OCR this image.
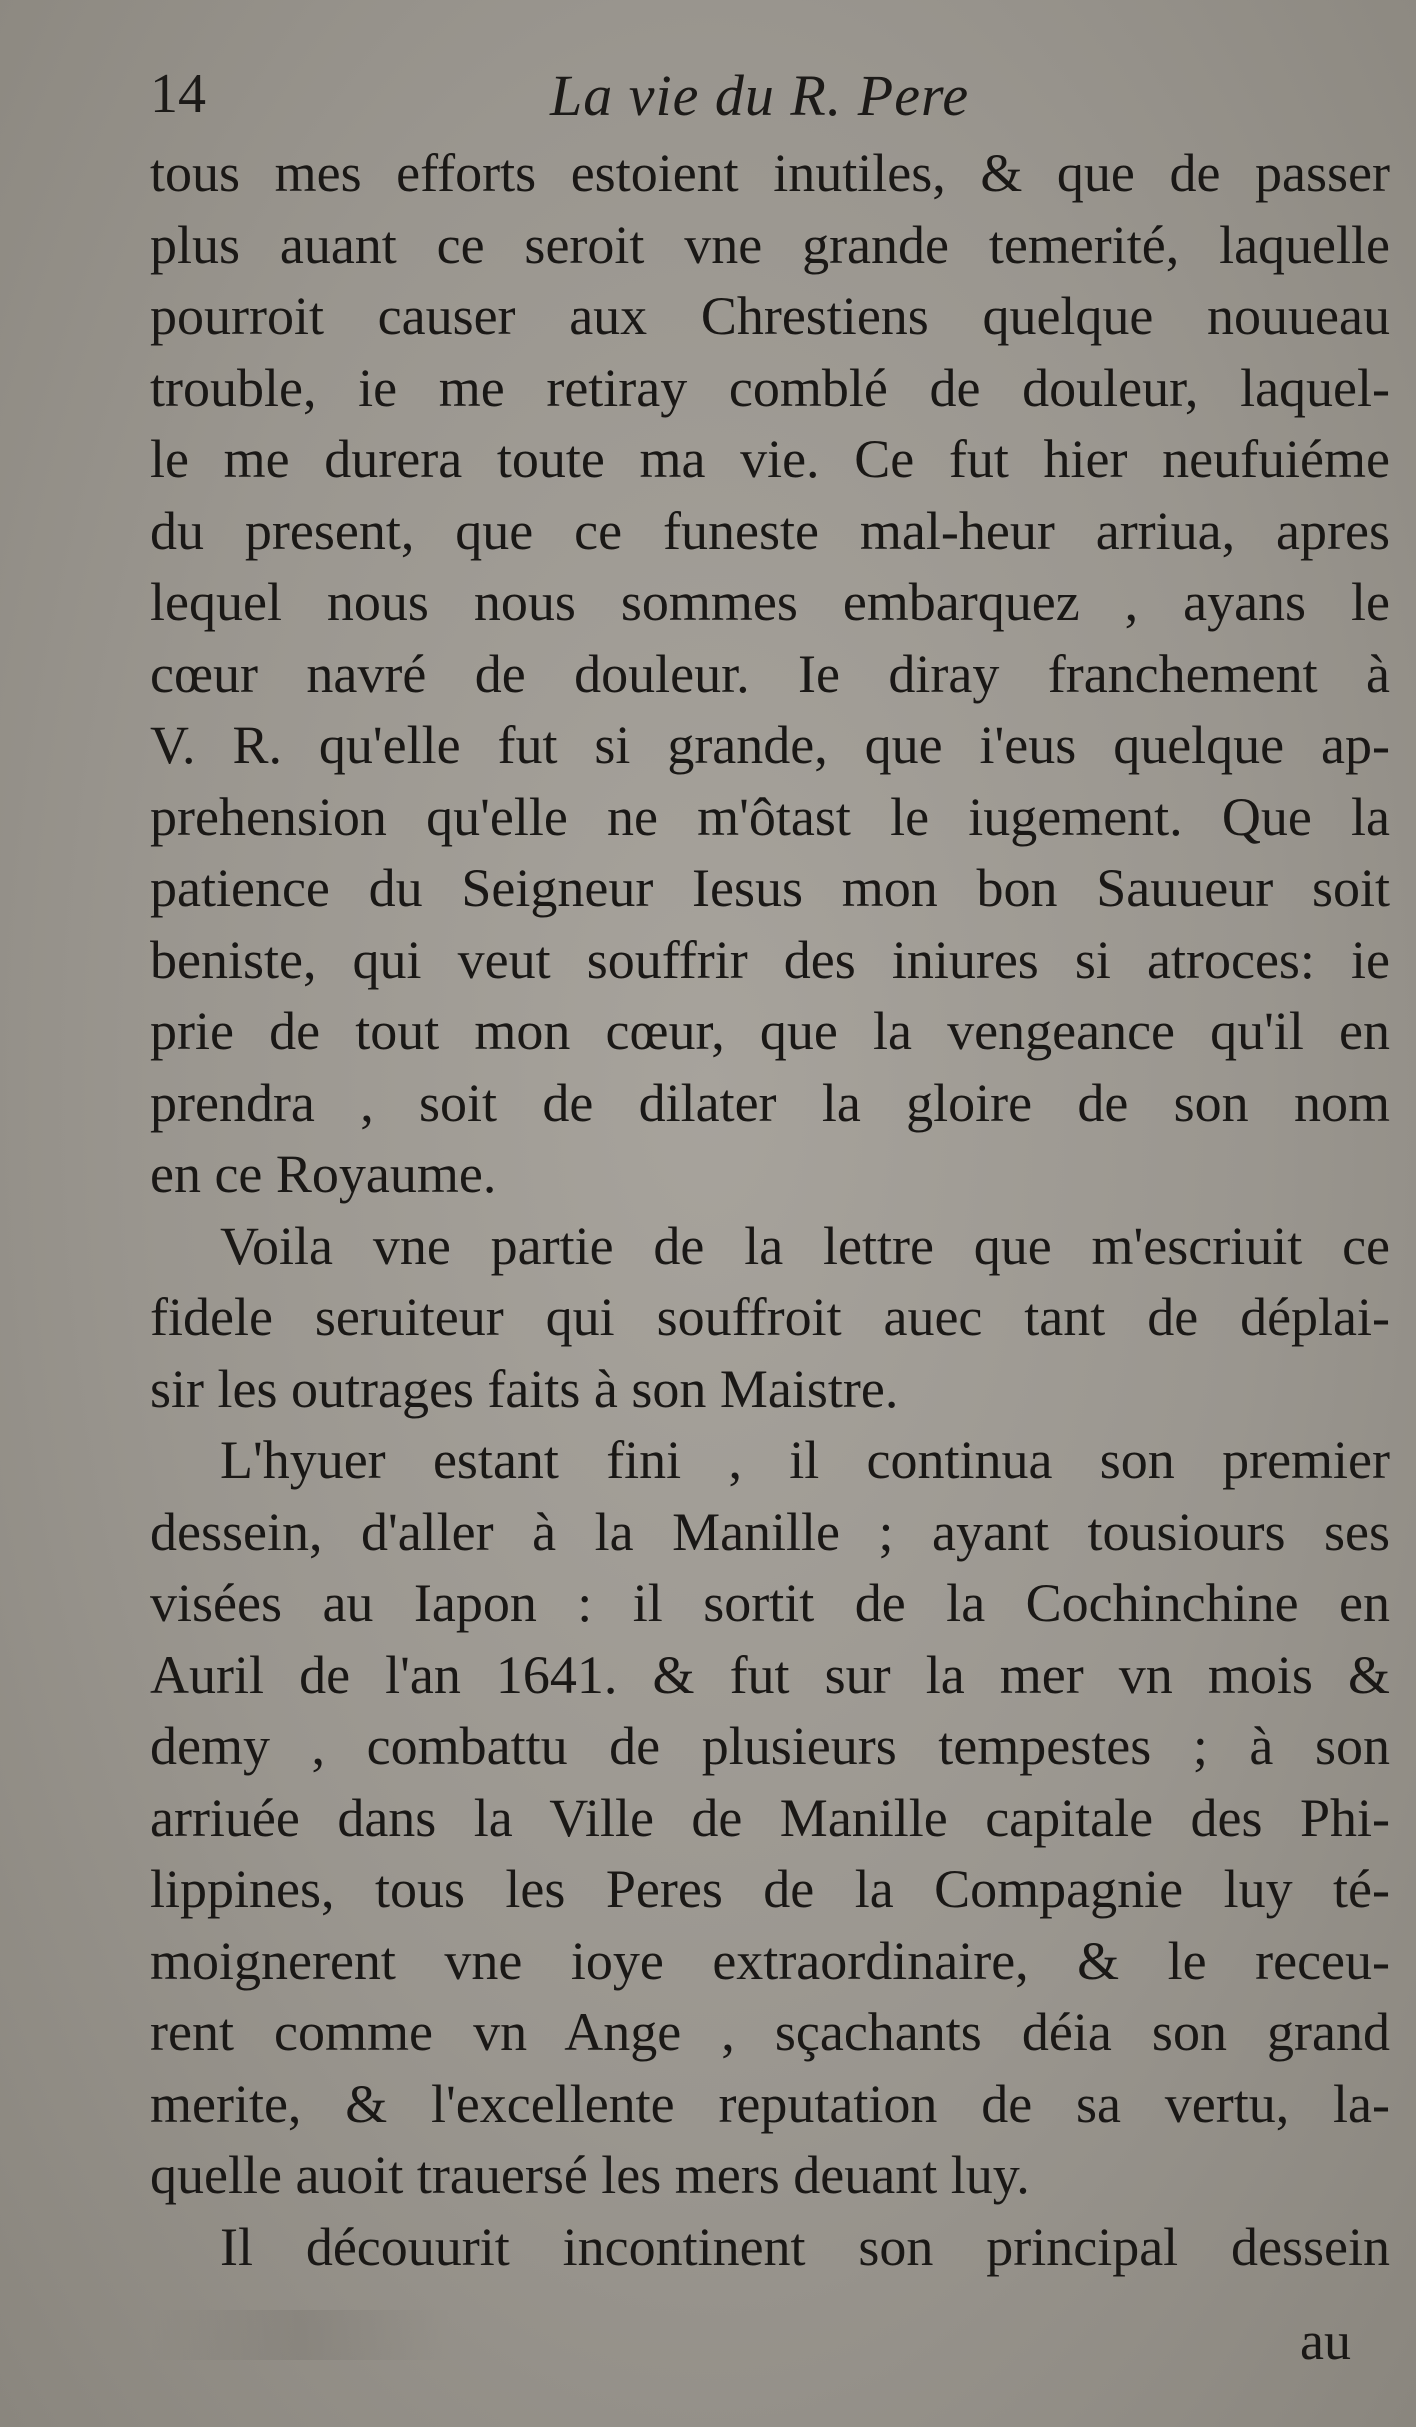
14	La vie du R. Pere
tous mes efforts estoient inutiles, & que de passer
plus auant ce seroit vne grande temerité, laquelle
pourroit causer aux Chrestiens quelque nouueau
trouble, ie me retiray comblé de douleur, laquel-
le me durera toute ma vie. Ce fut hier neufuiéme
du present, que ce funeste mal-heur arriua, apres
lequel nous nous sommes embarquez , ayans le
cœur navré de douleur. Ie diray franchement à
V. R. qu'elle fut si grande, que i'eus quelque ap-
prehension qu'elle ne m'ôtast le iugement. Que la
patience du Seigneur Iesus mon bon Sauueur soit
beniste, qui veut souffrir des iniures si atroces: ie
prie de tout mon cœur, que la vengeance qu'il en
prendra , soit de dilater la gloire de son nom
en ce Royaume.
Voila vne partie de la lettre que m'escriuit ce
fidele seruiteur qui souffroit auec tant de déplai-
sir les outrages faits à son Maistre.
L'hyuer estant fini , il continua son premier
dessein, d'aller à la Manille ; ayant tousiours ses
visées au Iapon : il sortit de la Cochinchine en
Auril de l'an 1641. & fut sur la mer vn mois &
demy , combattu de plusieurs tempestes ; à son
arriuée dans la Ville de Manille capitale des Phi-
lippines, tous les Peres de la Compagnie luy té-
moignerent vne ioye extraordinaire, & le receu-
rent comme vn Ange , sçachants déia son grand
merite, & l'excellente reputation de sa vertu, la-
quelle auoit trauersé les mers deuant luy.
Il découurit incontinent son principal dessein
au
